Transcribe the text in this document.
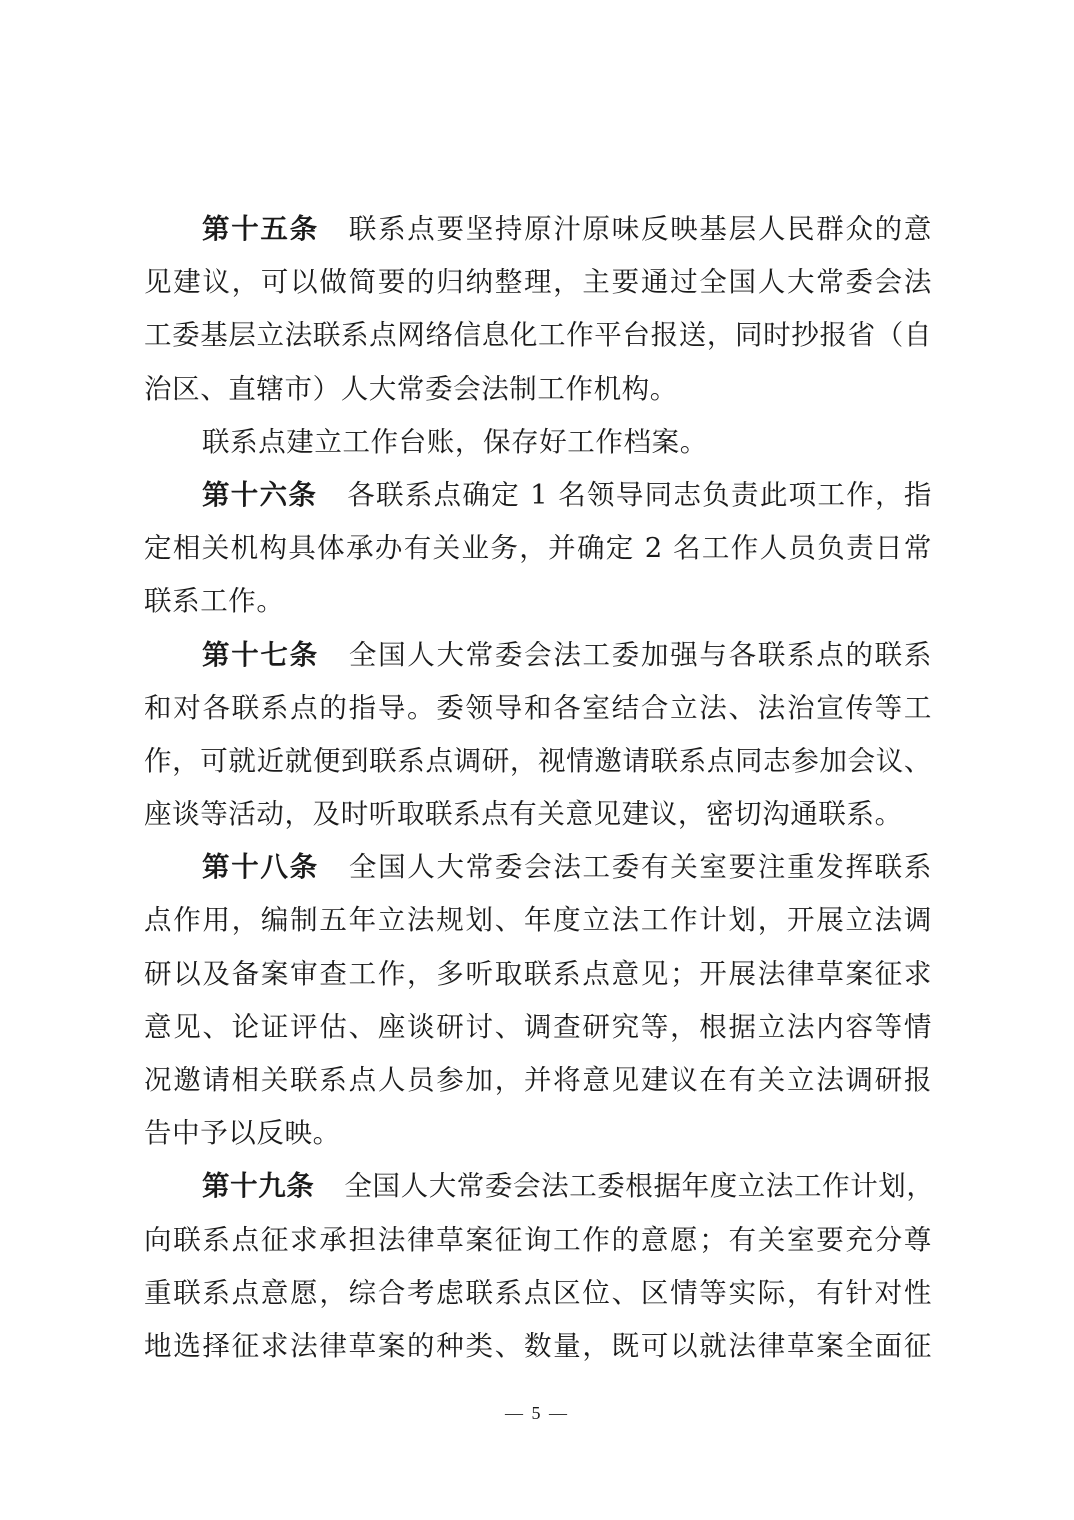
第十五条 联系点要坚持原汁原味反映基层人民群众的意
见建议，可以做简要的归纳整理，主要通过全国人大常委会法
工委基层立法联系点网络信息化工作平台报送，同时抄报省（自
治区、直辖市）人大常委会法制工作机构。
联系点建立工作台账，保存好工作档案。
第十六条 各联系点确定 1 名领导同志负责此项工作，指
定相关机构具体承办有关业务，并确定 2 名工作人员负责日常
联系工作。
第十七条 全国人大常委会法工委加强与各联系点的联系
和对各联系点的指导。委领导和各室结合立法、法治宣传等工
作，可就近就便到联系点调研，视情邀请联系点同志参加会议、
座谈等活动，及时听取联系点有关意见建议，密切沟通联系。
第十八条 全国人大常委会法工委有关室要注重发挥联系
点作用，编制五年立法规划、年度立法工作计划，开展立法调
研以及备案审查工作，多听取联系点意见；开展法律草案征求
意见、论证评估、座谈研讨、调查研究等，根据立法内容等情
况邀请相关联系点人员参加，并将意见建议在有关立法调研报
告中予以反映。
第十九条 全国人大常委会法工委根据年度立法工作计划，
向联系点征求承担法律草案征询工作的意愿；有关室要充分尊
重联系点意愿，综合考虑联系点区位、区情等实际，有针对性
地选择征求法律草案的种类、数量，既可以就法律草案全面征
— 5 —
